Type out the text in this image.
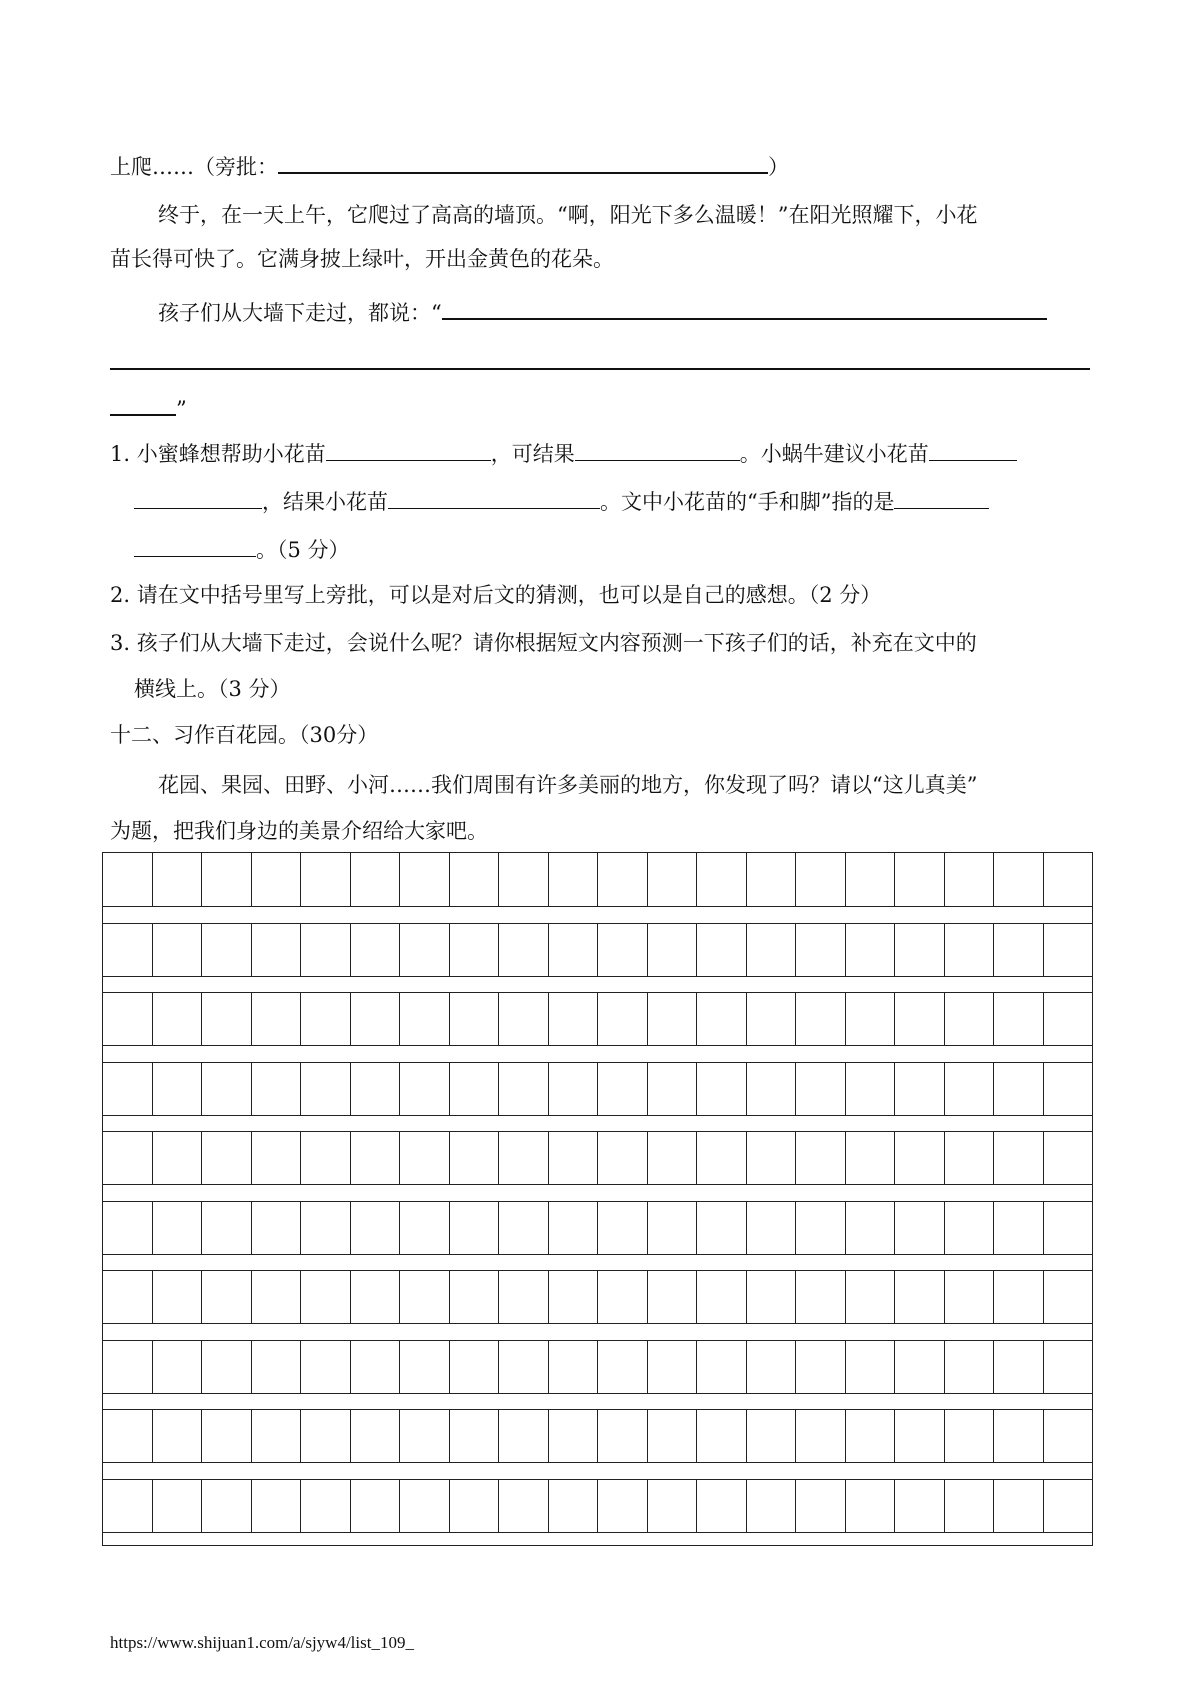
上爬……（旁批：	）
终于，在一天上午，它爬过了高高的墙顶。“啊，阳光下多么温暖！”在阳光照耀下，小花
苗长得可快了。它满身披上绿叶，开出金黄色的花朵。
孩子们从大墙下走过，都说：“
”
1. 小蜜蜂想帮助小花苗	，可结果	。小蜗牛建议小花苗
，结果小花苗	。文中小花苗的“手和脚”指的是
。（5 分）
2. 请在文中括号里写上旁批，可以是对后文的猜测，也可以是自己的感想。（2 分）
3. 孩子们从大墙下走过，会说什么呢？请你根据短文内容预测一下孩子们的话，补充在文中的
横线上。（3 分）
十二、习作百花园。（30分）
花园、果园、田野、小河……我们周围有许多美丽的地方，你发现了吗？请以“这儿真美”
为题，把我们身边的美景介绍给大家吧。
https://www.shijuan1.com/a/sjyw4/list_109_
